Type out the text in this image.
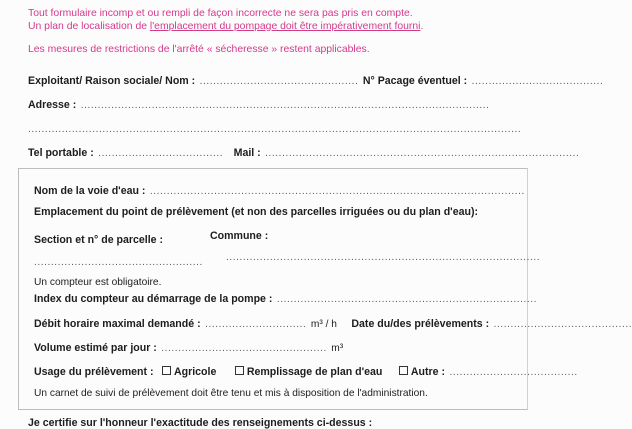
Tout formulaire incomp et ou rempli de façon incorrecte ne sera pas pris en compte.
Un plan de localisation de l'emplacement du pompage doit être impérativement fourni.
Les mesures de restrictions de l'arrêté « sécheresse » restent applicables.
Exploitant/ Raison sociale/ Nom : ............................................... N° Pacage éventuel : .......................................
Adresse : .........................................................................................................................
..................................................................................................................................................
Tel portable : ..................................... Mail : .............................................................................................
Nom de la voie d'eau : ...............................................................................................................
Emplacement du point de prélèvement (et non des parcelles irriguées ou du plan d'eau):
Section et n° de parcelle :	Commune :
.................................................. .............................................................................................
Un compteur est obligatoire.
Index du compteur au démarrage de la pompe : .............................................................................
Débit horaire maximal demandé : .............................. m³ / h Date du/des prélèvements : .........................................
Volume estimé par jour : ................................................. m³
Usage du prélèvement : Agricole	Remplissage de plan d'eau	Autre : ......................................
Un carnet de suivi de prélèvement doit être tenu et mis à disposition de l'administration.
Je certifie sur l'honneur l'exactitude des renseignements ci-dessus :
